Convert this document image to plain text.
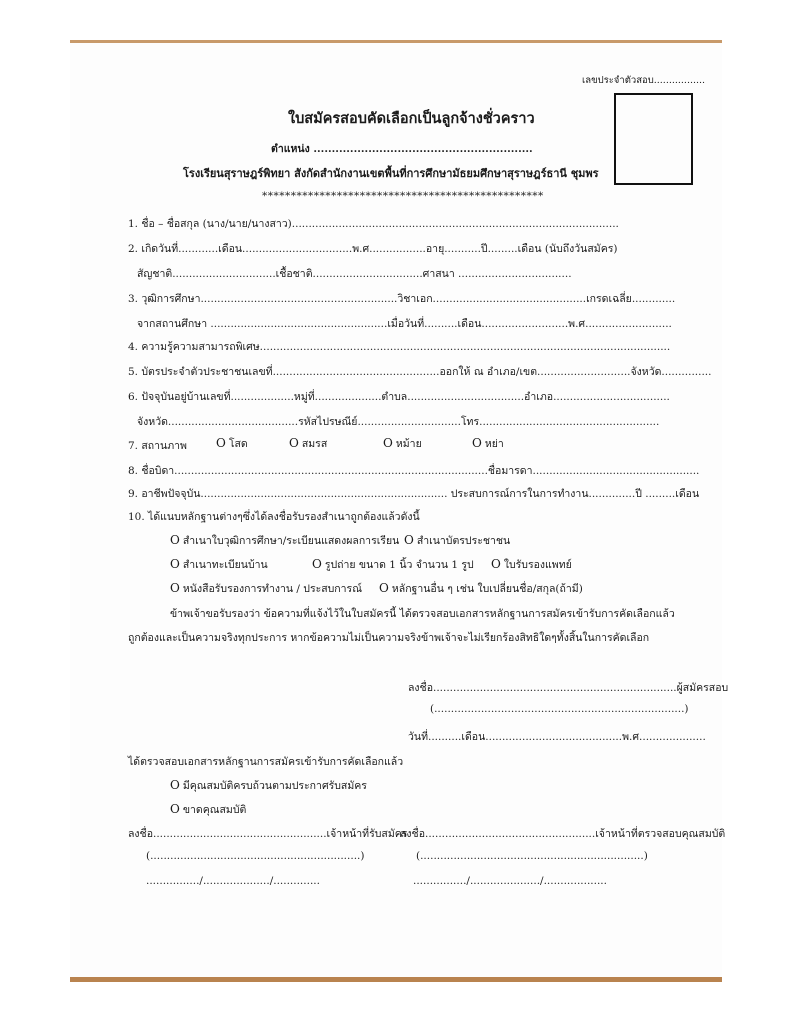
เลขประจำตัวสอบ.................
ใบสมัครสอบคัดเลือกเป็นลูกจ้างชั่วคราว
ตำแหน่ง ............................................................
โรงเรียนสุราษฎร์พิทยา สังกัดสำนักงานเขตพื้นที่การศึกษามัธยมศึกษาสุราษฎร์ธานี ชุมพร
*************************************************
1. ชื่อ – ชื่อสกุล (นาง/นาย/นางสาว)..................................................................................................
2. เกิดวันที่............เดือน.................................พ.ศ.................อายุ...........ปี.........เดือน (นับถึงวันสมัคร)
สัญชาติ...............................เชื้อชาติ.................................ศาสนา ..................................
3. วุฒิการศึกษา...........................................................วิชาเอก..............................................เกรดเฉลี่ย.............
จากสถานศึกษา .....................................................เมื่อวันที่..........เดือน..........................พ.ศ..........................
4. ความรู้ความสามารถพิเศษ...........................................................................................................................
5. บัตรประจำตัวประชาชนเลขที่..................................................ออกให้ ณ อำเภอ/เขต............................จังหวัด...............
6. ปัจจุบันอยู่บ้านเลขที่...................หมู่ที่....................ตำบล...................................อำเภอ...................................
จังหวัด.......................................รหัสไปรษณีย์...............................โทร......................................................
7. สถานภาพ O โสด	O สมรส	O หม้าย	O หย่า
8. ชื่อบิดา..............................................................................................ชื่อมารดา..................................................
9. อาชีพปัจจุบัน.......................................................................... ประสบการณ์การในการทำงาน..............ปี .........เดือน
10. ได้แนบหลักฐานต่างๆซึ่งได้ลงชื่อรับรองสำเนาถูกต้องแล้วดังนี้
O สำเนาใบวุฒิการศึกษา/ระเบียนแสดงผลการเรียน O สำเนาบัตรประชาชน
O สำเนาทะเบียนบ้าน	O รูปถ่าย ขนาด 1 นิ้ว จำนวน 1 รูป O ใบรับรองแพทย์
O หนังสือรับรองการทำงาน / ประสบการณ์ O หลักฐานอื่น ๆ เช่น ใบเปลี่ยนชื่อ/สกุล(ถ้ามี)
ข้าพเจ้าขอรับรองว่า ข้อความที่แจ้งไว้ในใบสมัครนี้ ได้ตรวจสอบเอกสารหลักฐานการสมัครเข้ารับการคัดเลือกแล้ว
ถูกต้องและเป็นความจริงทุกประการ หากข้อความไม่เป็นความจริงข้าพเจ้าจะไม่เรียกร้องสิทธิใดๆทั้งสิ้นในการคัดเลือก
ลงชื่อ.........................................................................ผู้สมัครสอบ
(...........................................................................)
วันที่..........เดือน.........................................พ.ศ....................
ได้ตรวจสอบเอกสารหลักฐานการสมัครเข้ารับการคัดเลือกแล้ว
O มีคุณสมบัติครบถ้วนตามประกาศรับสมัคร
O ขาดคุณสมบัติ
ลงชื่อ....................................................เจ้าหน้าที่รับสมัคร
ลงชื่อ...................................................เจ้าหน้าที่ตรวจสอบคุณสมบัติ
(...............................................................)	(...................................................................)
................/..................../..............	................/...................../...................
